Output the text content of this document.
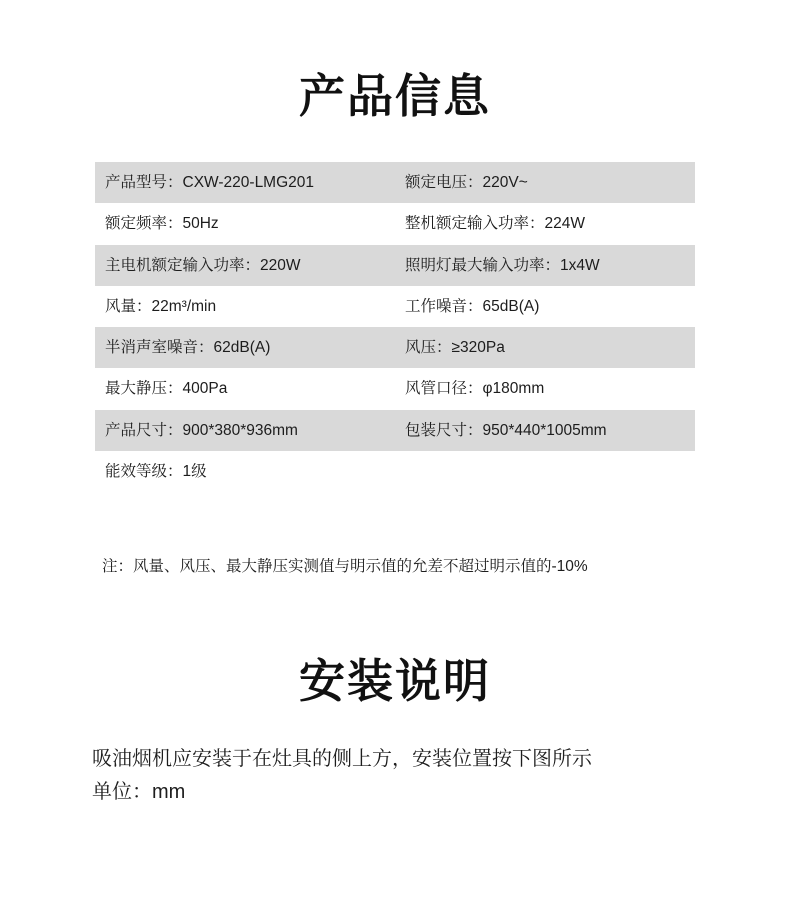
产品信息
产品型号：CXW-220-LMG201	额定电压：220V~
额定频率：50Hz	整机额定输入功率：224W
主电机额定输入功率：220W	照明灯最大输入功率：1x4W
风量：22m³/min	工作噪音：65dB(A)
半消声室噪音：62dB(A)	风压：≥320Pa
最大静压：400Pa	风管口径：φ180mm
产品尺寸：900*380*936mm	包装尺寸：950*440*1005mm
能效等级：1级	
注：风量、风压、最大静压实测值与明示值的允差不超过明示值的-10%
安装说明
吸油烟机应安装于在灶具的侧上方，安装位置按下图所示
单位：mm
